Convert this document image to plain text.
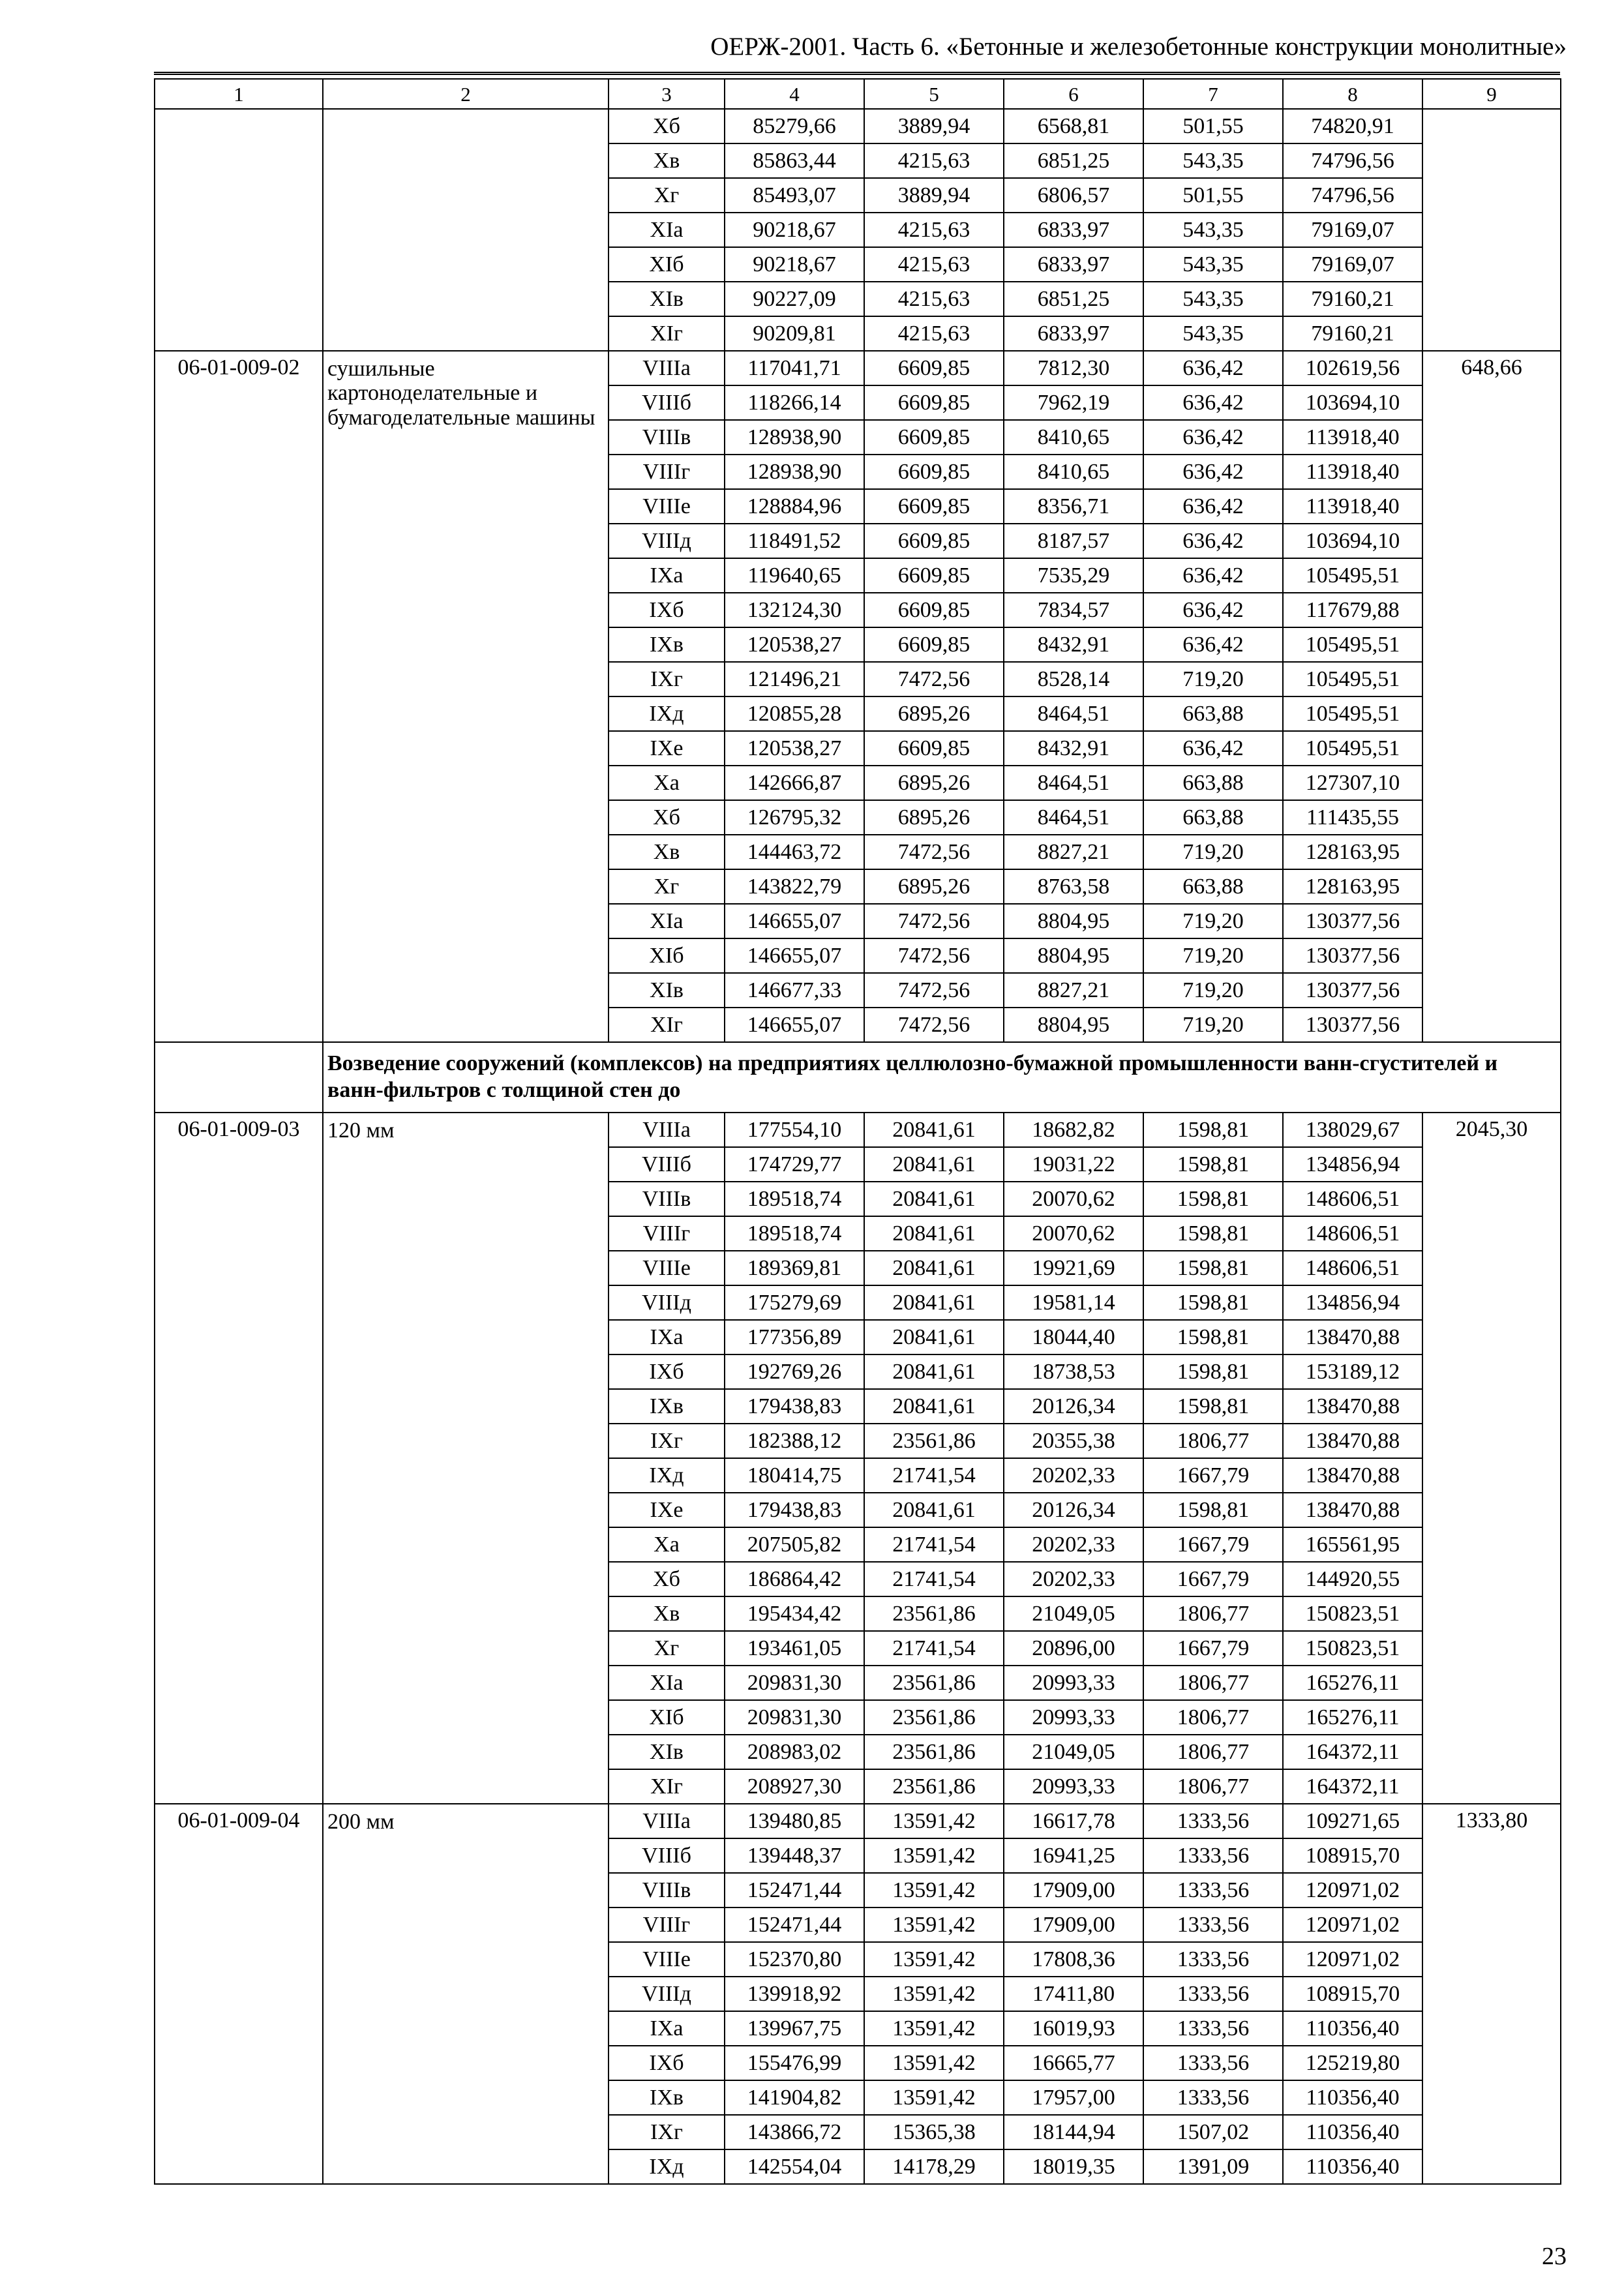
ОЕРЖ-2001. Часть 6. «Бетонные и железобетонные конструкции монолитные»
1	2	3	4	5	6	7	8	9
		Xб	85279,66	3889,94	6568,81	501,55	74820,91	
		Xв	85863,44	4215,63	6851,25	543,35	74796,56	
		Xг	85493,07	3889,94	6806,57	501,55	74796,56	
		XIа	90218,67	4215,63	6833,97	543,35	79169,07	
		XIб	90218,67	4215,63	6833,97	543,35	79169,07	
		XIв	90227,09	4215,63	6851,25	543,35	79160,21	
		XIг	90209,81	4215,63	6833,97	543,35	79160,21	
06-01-009-02	сушильные картоноделательные и бумагоделательные машины	VIIIа	117041,71	6609,85	7812,30	636,42	102619,56	648,66
		VIIIб	118266,14	6609,85	7962,19	636,42	103694,10	
		VIIIв	128938,90	6609,85	8410,65	636,42	113918,40	
		VIIIг	128938,90	6609,85	8410,65	636,42	113918,40	
		VIIIе	128884,96	6609,85	8356,71	636,42	113918,40	
		VIIIд	118491,52	6609,85	8187,57	636,42	103694,10	
		IXа	119640,65	6609,85	7535,29	636,42	105495,51	
		IXб	132124,30	6609,85	7834,57	636,42	117679,88	
		IXв	120538,27	6609,85	8432,91	636,42	105495,51	
		IXг	121496,21	7472,56	8528,14	719,20	105495,51	
		IXд	120855,28	6895,26	8464,51	663,88	105495,51	
		IXе	120538,27	6609,85	8432,91	636,42	105495,51	
		Xа	142666,87	6895,26	8464,51	663,88	127307,10	
		Xб	126795,32	6895,26	8464,51	663,88	111435,55	
		Xв	144463,72	7472,56	8827,21	719,20	128163,95	
		Xг	143822,79	6895,26	8763,58	663,88	128163,95	
		XIа	146655,07	7472,56	8804,95	719,20	130377,56	
		XIб	146655,07	7472,56	8804,95	719,20	130377,56	
		XIв	146677,33	7472,56	8827,21	719,20	130377,56	
		XIг	146655,07	7472,56	8804,95	719,20	130377,56	
	Возведение сооружений (комплексов) на предприятиях целлюлозно-бумажной промышленности ванн-сгустителей и ванн-фильтров с толщиной стен до							
06-01-009-03	120 мм	VIIIа	177554,10	20841,61	18682,82	1598,81	138029,67	2045,30
		VIIIб	174729,77	20841,61	19031,22	1598,81	134856,94	
		VIIIв	189518,74	20841,61	20070,62	1598,81	148606,51	
		VIIIг	189518,74	20841,61	20070,62	1598,81	148606,51	
		VIIIе	189369,81	20841,61	19921,69	1598,81	148606,51	
		VIIIд	175279,69	20841,61	19581,14	1598,81	134856,94	
		IXа	177356,89	20841,61	18044,40	1598,81	138470,88	
		IXб	192769,26	20841,61	18738,53	1598,81	153189,12	
		IXв	179438,83	20841,61	20126,34	1598,81	138470,88	
		IXг	182388,12	23561,86	20355,38	1806,77	138470,88	
		IXд	180414,75	21741,54	20202,33	1667,79	138470,88	
		IXе	179438,83	20841,61	20126,34	1598,81	138470,88	
		Xа	207505,82	21741,54	20202,33	1667,79	165561,95	
		Xб	186864,42	21741,54	20202,33	1667,79	144920,55	
		Xв	195434,42	23561,86	21049,05	1806,77	150823,51	
		Xг	193461,05	21741,54	20896,00	1667,79	150823,51	
		XIа	209831,30	23561,86	20993,33	1806,77	165276,11	
		XIб	209831,30	23561,86	20993,33	1806,77	165276,11	
		XIв	208983,02	23561,86	21049,05	1806,77	164372,11	
		XIг	208927,30	23561,86	20993,33	1806,77	164372,11	
06-01-009-04	200 мм	VIIIа	139480,85	13591,42	16617,78	1333,56	109271,65	1333,80
		VIIIб	139448,37	13591,42	16941,25	1333,56	108915,70	
		VIIIв	152471,44	13591,42	17909,00	1333,56	120971,02	
		VIIIг	152471,44	13591,42	17909,00	1333,56	120971,02	
		VIIIе	152370,80	13591,42	17808,36	1333,56	120971,02	
		VIIIд	139918,92	13591,42	17411,80	1333,56	108915,70	
		IXа	139967,75	13591,42	16019,93	1333,56	110356,40	
		IXб	155476,99	13591,42	16665,77	1333,56	125219,80	
		IXв	141904,82	13591,42	17957,00	1333,56	110356,40	
		IXг	143866,72	15365,38	18144,94	1507,02	110356,40	
		IXд	142554,04	14178,29	18019,35	1391,09	110356,40	
23
